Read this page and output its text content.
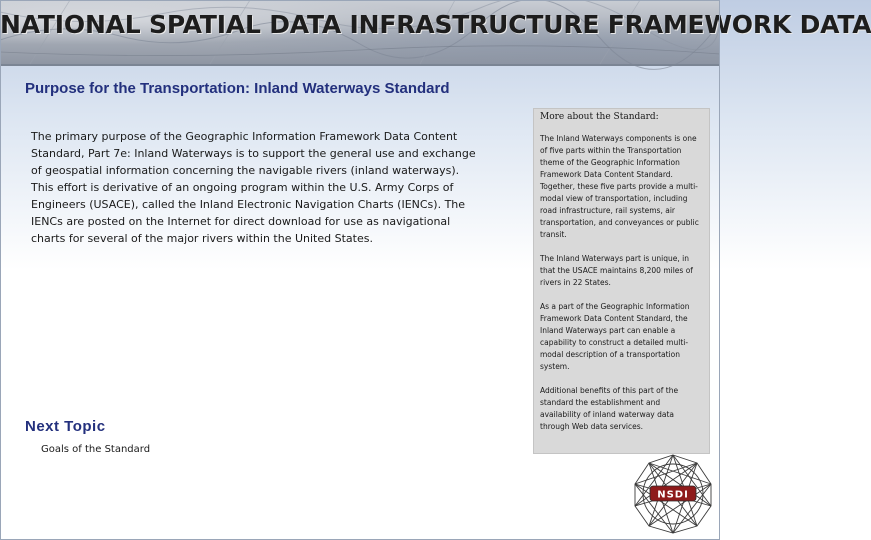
NATIONAL SPATIAL DATA INFRASTRUCTURE FRAMEWORK DATA
Purpose for the Transportation: Inland Waterways Standard
The primary purpose of the Geographic Information Framework Data Content Standard, Part 7e: Inland Waterways is to support the general use and exchange of geospatial information concerning the navigable rivers (inland waterways). This effort is derivative of an ongoing program within the U.S. Army Corps of Engineers (USACE), called the Inland Electronic Navigation Charts (IENCs). The IENCs are posted on the Internet for direct download for use as navigational charts for several of the major rivers within the United States.
More about the Standard:

The Inland Waterways components is one of five parts within the Transportation theme of the Geographic Information Framework Data Content Standard. Together, these five parts provide a multi-modal view of transportation, including road infrastructure, rail systems, air transportation, and conveyances or public transit.

The Inland Waterways part is unique, in that the USACE maintains 8,200 miles of rivers in 22 States.

As a part of the Geographic Information Framework Data Content Standard, the Inland Waterways part can enable a capability to construct a detailed multi-modal description of a transportation system.

Additional benefits of this part of the standard the establishment and availability of inland waterway data through Web data services.

Next Topic
Goals of the Standard
NSDI
